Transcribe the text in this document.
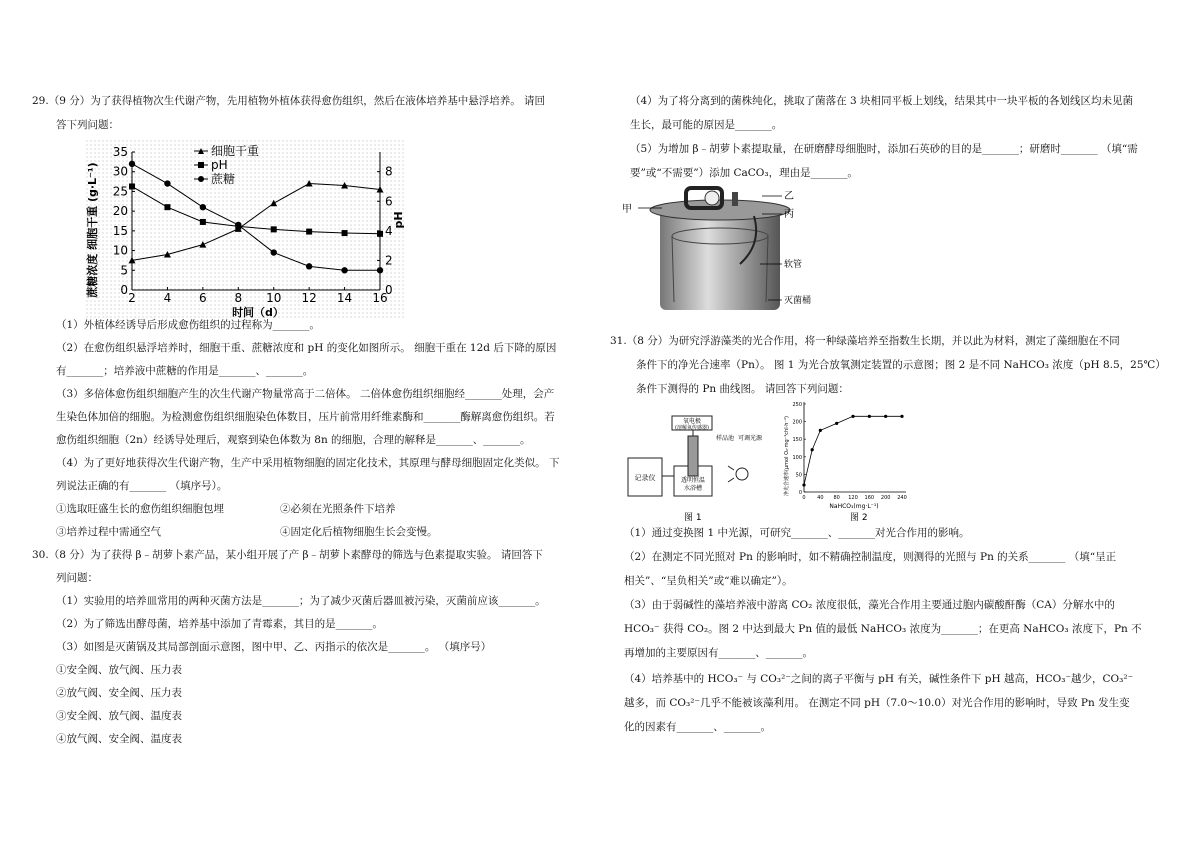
29.（9 分）为了获得植物次生代谢产物，先用植物外植体获得愈伤组织，然后在液体培养基中悬浮培养。 请回
答下列问题：
2 4 6 8 10 12 14 16
0
5
10
15
20
25
30
35
0
2
4
6
8
细胞干重
pH
蔗糖
蔗糖浓度 细胞干重 (g·L⁻¹)	pH
时间（d）
（1）外植体经诱导后形成愈伤组织的过程称为_______。
（2）在愈伤组织悬浮培养时，细胞干重、蔗糖浓度和 pH 的变化如图所示。 细胞干重在 12d 后下降的原因
有_______；培养液中蔗糖的作用是_______、_______。
（3）多倍体愈伤组织细胞产生的次生代谢产物量常高于二倍体。 二倍体愈伤组织细胞经_______处理，会产
生染色体加倍的细胞。为检测愈伤组织细胞染色体数目，压片前常用纤维素酶和_______酶解离愈伤组织。若
愈伤组织细胞（2n）经诱导处理后，观察到染色体数为 8n 的细胞，合理的解释是_______、_______。
（4）为了更好地获得次生代谢产物，生产中采用植物细胞的固定化技术，其原理与酵母细胞固定化类似。 下
列说法正确的有_______ （填序号）。
①选取旺盛生长的愈伤组织细胞包埋	②必须在光照条件下培养
③培养过程中需通空气	④固定化后植物细胞生长会变慢。
30.（8 分）为了获得 β﹣胡萝卜素产品，某小组开展了产 β﹣胡萝卜素酵母的筛选与色素提取实验。 请回答下
列问题：
（1）实验用的培养皿常用的两种灭菌方法是_______；为了减少灭菌后器皿被污染，灭菌前应该_______。
（2）为了筛选出酵母菌，培养基中添加了青霉素，其目的是_______。
（3）如图是灭菌锅及其局部剖面示意图，图中甲、乙、丙指示的依次是_______。 （填序号）
①安全阀、放气阀、压力表
②放气阀、安全阀、压力表
③安全阀、放气阀、温度表
④放气阀、安全阀、温度表
（4）为了将分离到的菌株纯化，挑取了菌落在 3 块相同平板上划线，结果其中一块平板的各划线区均未见菌
生长，最可能的原因是_______。
（5）为增加 β﹣胡萝卜素提取量，在研磨酵母细胞时，添加石英砂的目的是_______；研磨时_______ （填“需
要”或“不需要”）添加 CaCO₃，理由是_______。
甲
乙
丙
软管
灭菌桶
31.（8 分）为研究浮游藻类的光合作用，将一种绿藻培养至指数生长期，并以此为材料，测定了藻细胞在不同
条件下的净光合速率（Pn）。 图 1 为光合放氧测定装置的示意图；图 2 是不同 NaHCO₃ 浓度（pH 8.5，25℃）
条件下测得的 Pn 曲线图。 请回答下列问题：
记录仪
氧电极
(溶解氧传感器)
透明恒温
水浴槽
样品池 可调光源
图 1
0 40 80 120 160 200 240
0
50
100
150
200
250
净光合速率(μmol O₂·mg⁻¹chl·h⁻¹)
NaHCO₃(mg·L⁻¹)
图 2
（1）通过变换图 1 中光源，可研究_______、_______对光合作用的影响。
（2）在测定不同光照对 Pn 的影响时，如不精确控制温度，则测得的光照与 Pn 的关系_______ （填“呈正
相关”、“呈负相关”或“难以确定”）。
（3）由于弱碱性的藻培养液中游离 CO₂ 浓度很低，藻光合作用主要通过胞内碳酸酐酶（CA）分解水中的
HCO₃⁻ 获得 CO₂。图 2 中达到最大 Pn 值的最低 NaHCO₃ 浓度为_______；在更高 NaHCO₃ 浓度下，Pn 不
再增加的主要原因有_______、_______。
（4）培养基中的 HCO₃⁻ 与 CO₃²⁻之间的离子平衡与 pH 有关，碱性条件下 pH 越高，HCO₃⁻越少，CO₃²⁻
越多，而 CO₃²⁻几乎不能被该藻利用。 在测定不同 pH（7.0～10.0）对光合作用的影响时，导致 Pn 发生变
化的因素有_______、_______。
